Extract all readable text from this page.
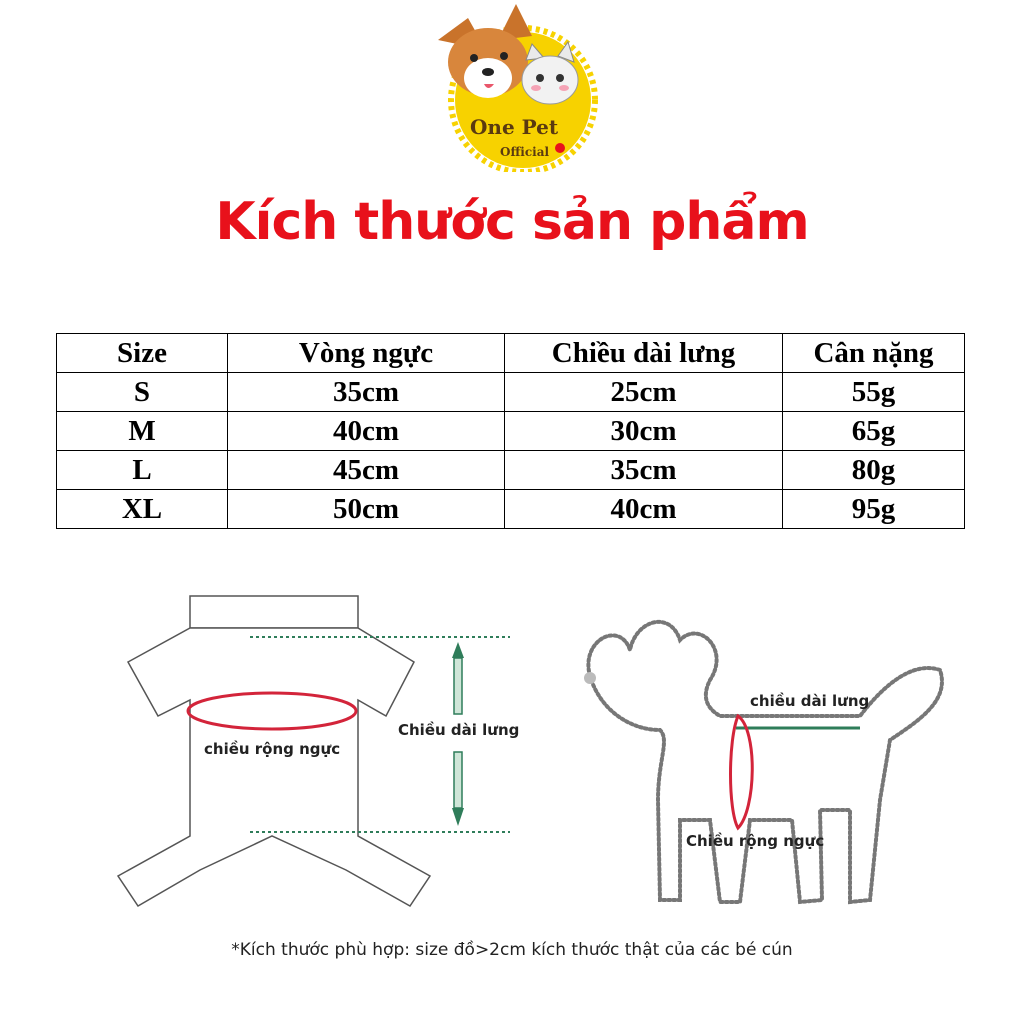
One Pet
Official
Kích thước sản phẩm
Size	Vòng ngực	Chiều dài lưng	Cân nặng
S	35cm	25cm	55g
M	40cm	30cm	65g
L	45cm	35cm	80g
XL	50cm	40cm	95g
chiều rộng ngực
Chiều dài lưng
chiều dài lưng
Chiều rộng ngực
*Kích thước phù hợp: size đồ>2cm kích thước thật của các bé cún
